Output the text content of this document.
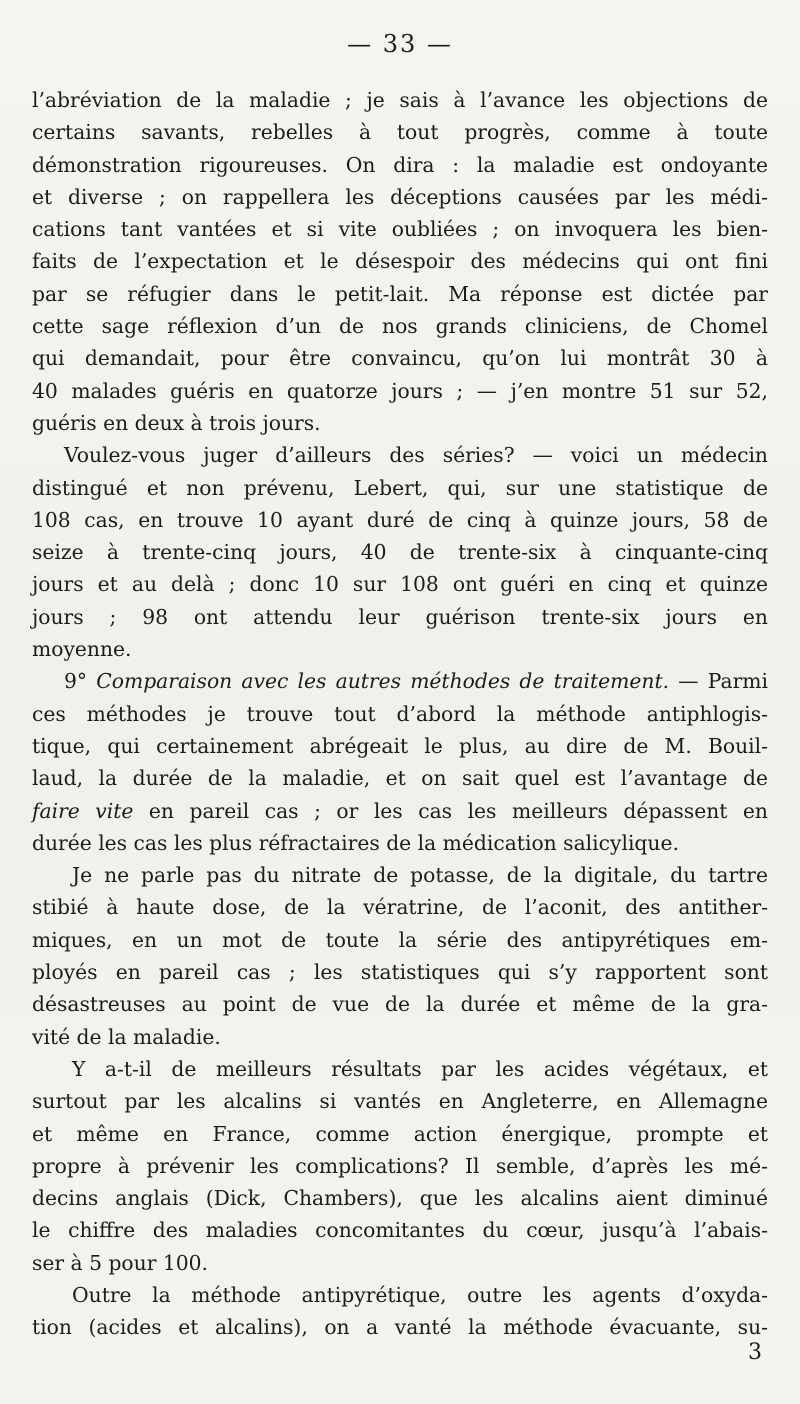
— 33 —
l’abréviation de la maladie ; je sais à l’avance les objections de
certains savants, rebelles à tout progrès, comme à toute
démonstration rigoureuses. On dira : la maladie est ondoyante
et diverse ; on rappellera les déceptions causées par les médi-
cations tant vantées et si vite oubliées ; on invoquera les bien-
faits de l’expectation et le désespoir des médecins qui ont fini
par se réfugier dans le petit-lait. Ma réponse est dictée par
cette sage réflexion d’un de nos grands cliniciens, de Chomel
qui demandait, pour être convaincu, qu’on lui montrât 30 à
40 malades guéris en quatorze jours ; — j’en montre 51 sur 52,
guéris en deux à trois jours.
Voulez-vous juger d’ailleurs des séries? — voici un médecin
distingué et non prévenu, Lebert, qui, sur une statistique de
108 cas, en trouve 10 ayant duré de cinq à quinze jours, 58 de
seize à trente-cinq jours, 40 de trente-six à cinquante-cinq
jours et au delà ; donc 10 sur 108 ont guéri en cinq et quinze
jours ; 98 ont attendu leur guérison trente-six jours en
moyenne.
9° Comparaison avec les autres méthodes de traitement. — Parmi
ces méthodes je trouve tout d’abord la méthode antiphlogis-
tique, qui certainement abrégeait le plus, au dire de M. Bouil-
laud, la durée de la maladie, et on sait quel est l’avantage de
faire vite en pareil cas ; or les cas les meilleurs dépassent en
durée les cas les plus réfractaires de la médication salicylique.
Je ne parle pas du nitrate de potasse, de la digitale, du tartre
stibié à haute dose, de la vératrine, de l’aconit, des antither-
miques, en un mot de toute la série des antipyrétiques em-
ployés en pareil cas ; les statistiques qui s’y rapportent sont
désastreuses au point de vue de la durée et même de la gra-
vité de la maladie.
Y a-t-il de meilleurs résultats par les acides végétaux, et
surtout par les alcalins si vantés en Angleterre, en Allemagne
et même en France, comme action énergique, prompte et
propre à prévenir les complications? Il semble, d’après les mé-
decins anglais (Dick, Chambers), que les alcalins aient diminué
le chiffre des maladies concomitantes du cœur, jusqu’à l’abais-
ser à 5 pour 100.
Outre la méthode antipyrétique, outre les agents d’oxyda-
tion (acides et alcalins), on a vanté la méthode évacuante, su-
3
